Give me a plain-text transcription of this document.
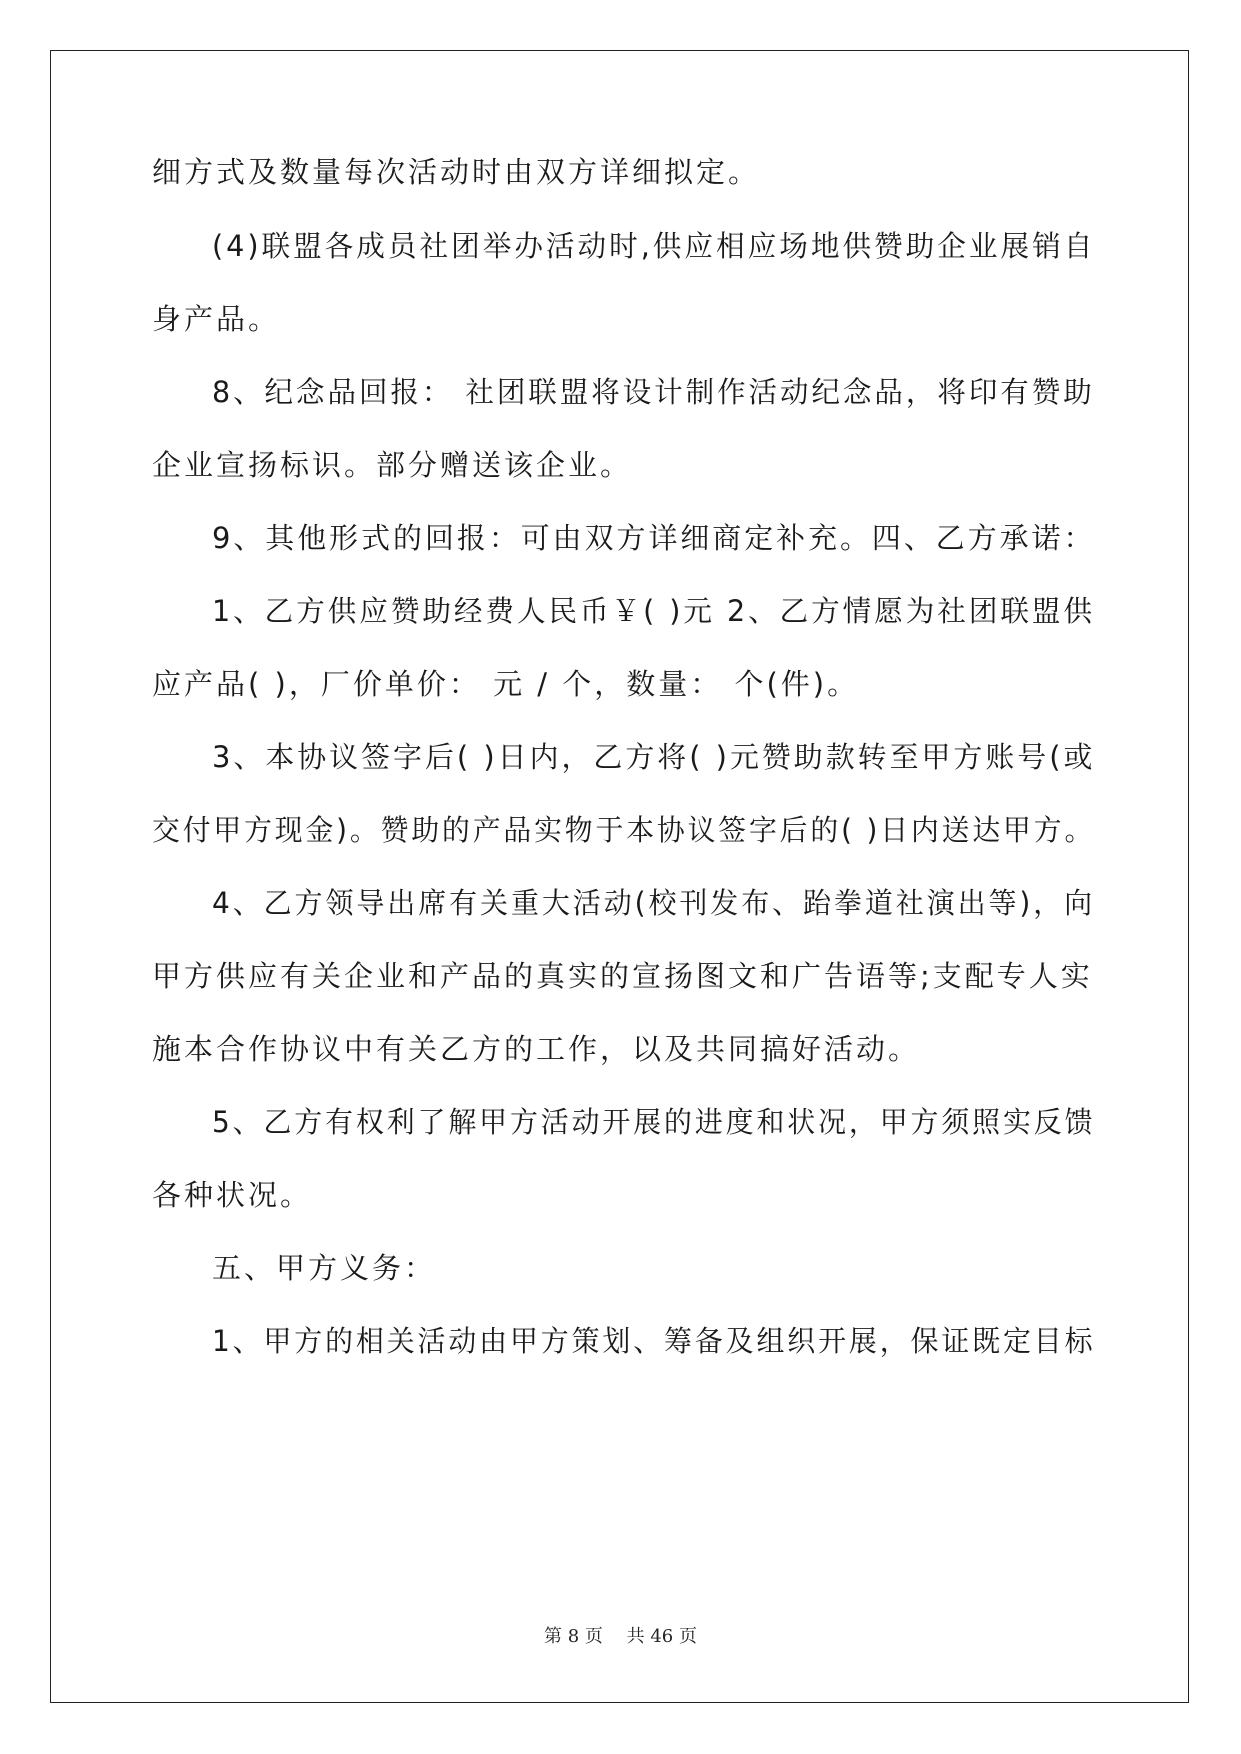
细方式及数量每次活动时由双方详细拟定。
(4)联盟各成员社团举办活动时,供应相应场地供赞助企业展销自
身产品。
8、纪念品回报： 社团联盟将设计制作活动纪念品，将印有赞助
企业宣扬标识。部分赠送该企业。
9、其他形式的回报：可由双方详细商定补充。四、乙方承诺：
1、乙方供应赞助经费人民币￥( )元 2、乙方情愿为社团联盟供
应产品( )，厂价单价： 元 / 个，数量： 个(件)。
3、本协议签字后( )日内，乙方将( )元赞助款转至甲方账号(或
交付甲方现金)。赞助的产品实物于本协议签字后的( )日内送达甲方。
4、乙方领导出席有关重大活动(校刊发布、跆拳道社演出等)，向
甲方供应有关企业和产品的真实的宣扬图文和广告语等;支配专人实
施本合作协议中有关乙方的工作，以及共同搞好活动。
5、乙方有权利了解甲方活动开展的进度和状况，甲方须照实反馈
各种状况。
五、甲方义务：
1、甲方的相关活动由甲方策划、筹备及组织开展，保证既定目标
第 8 页　 共 46 页
